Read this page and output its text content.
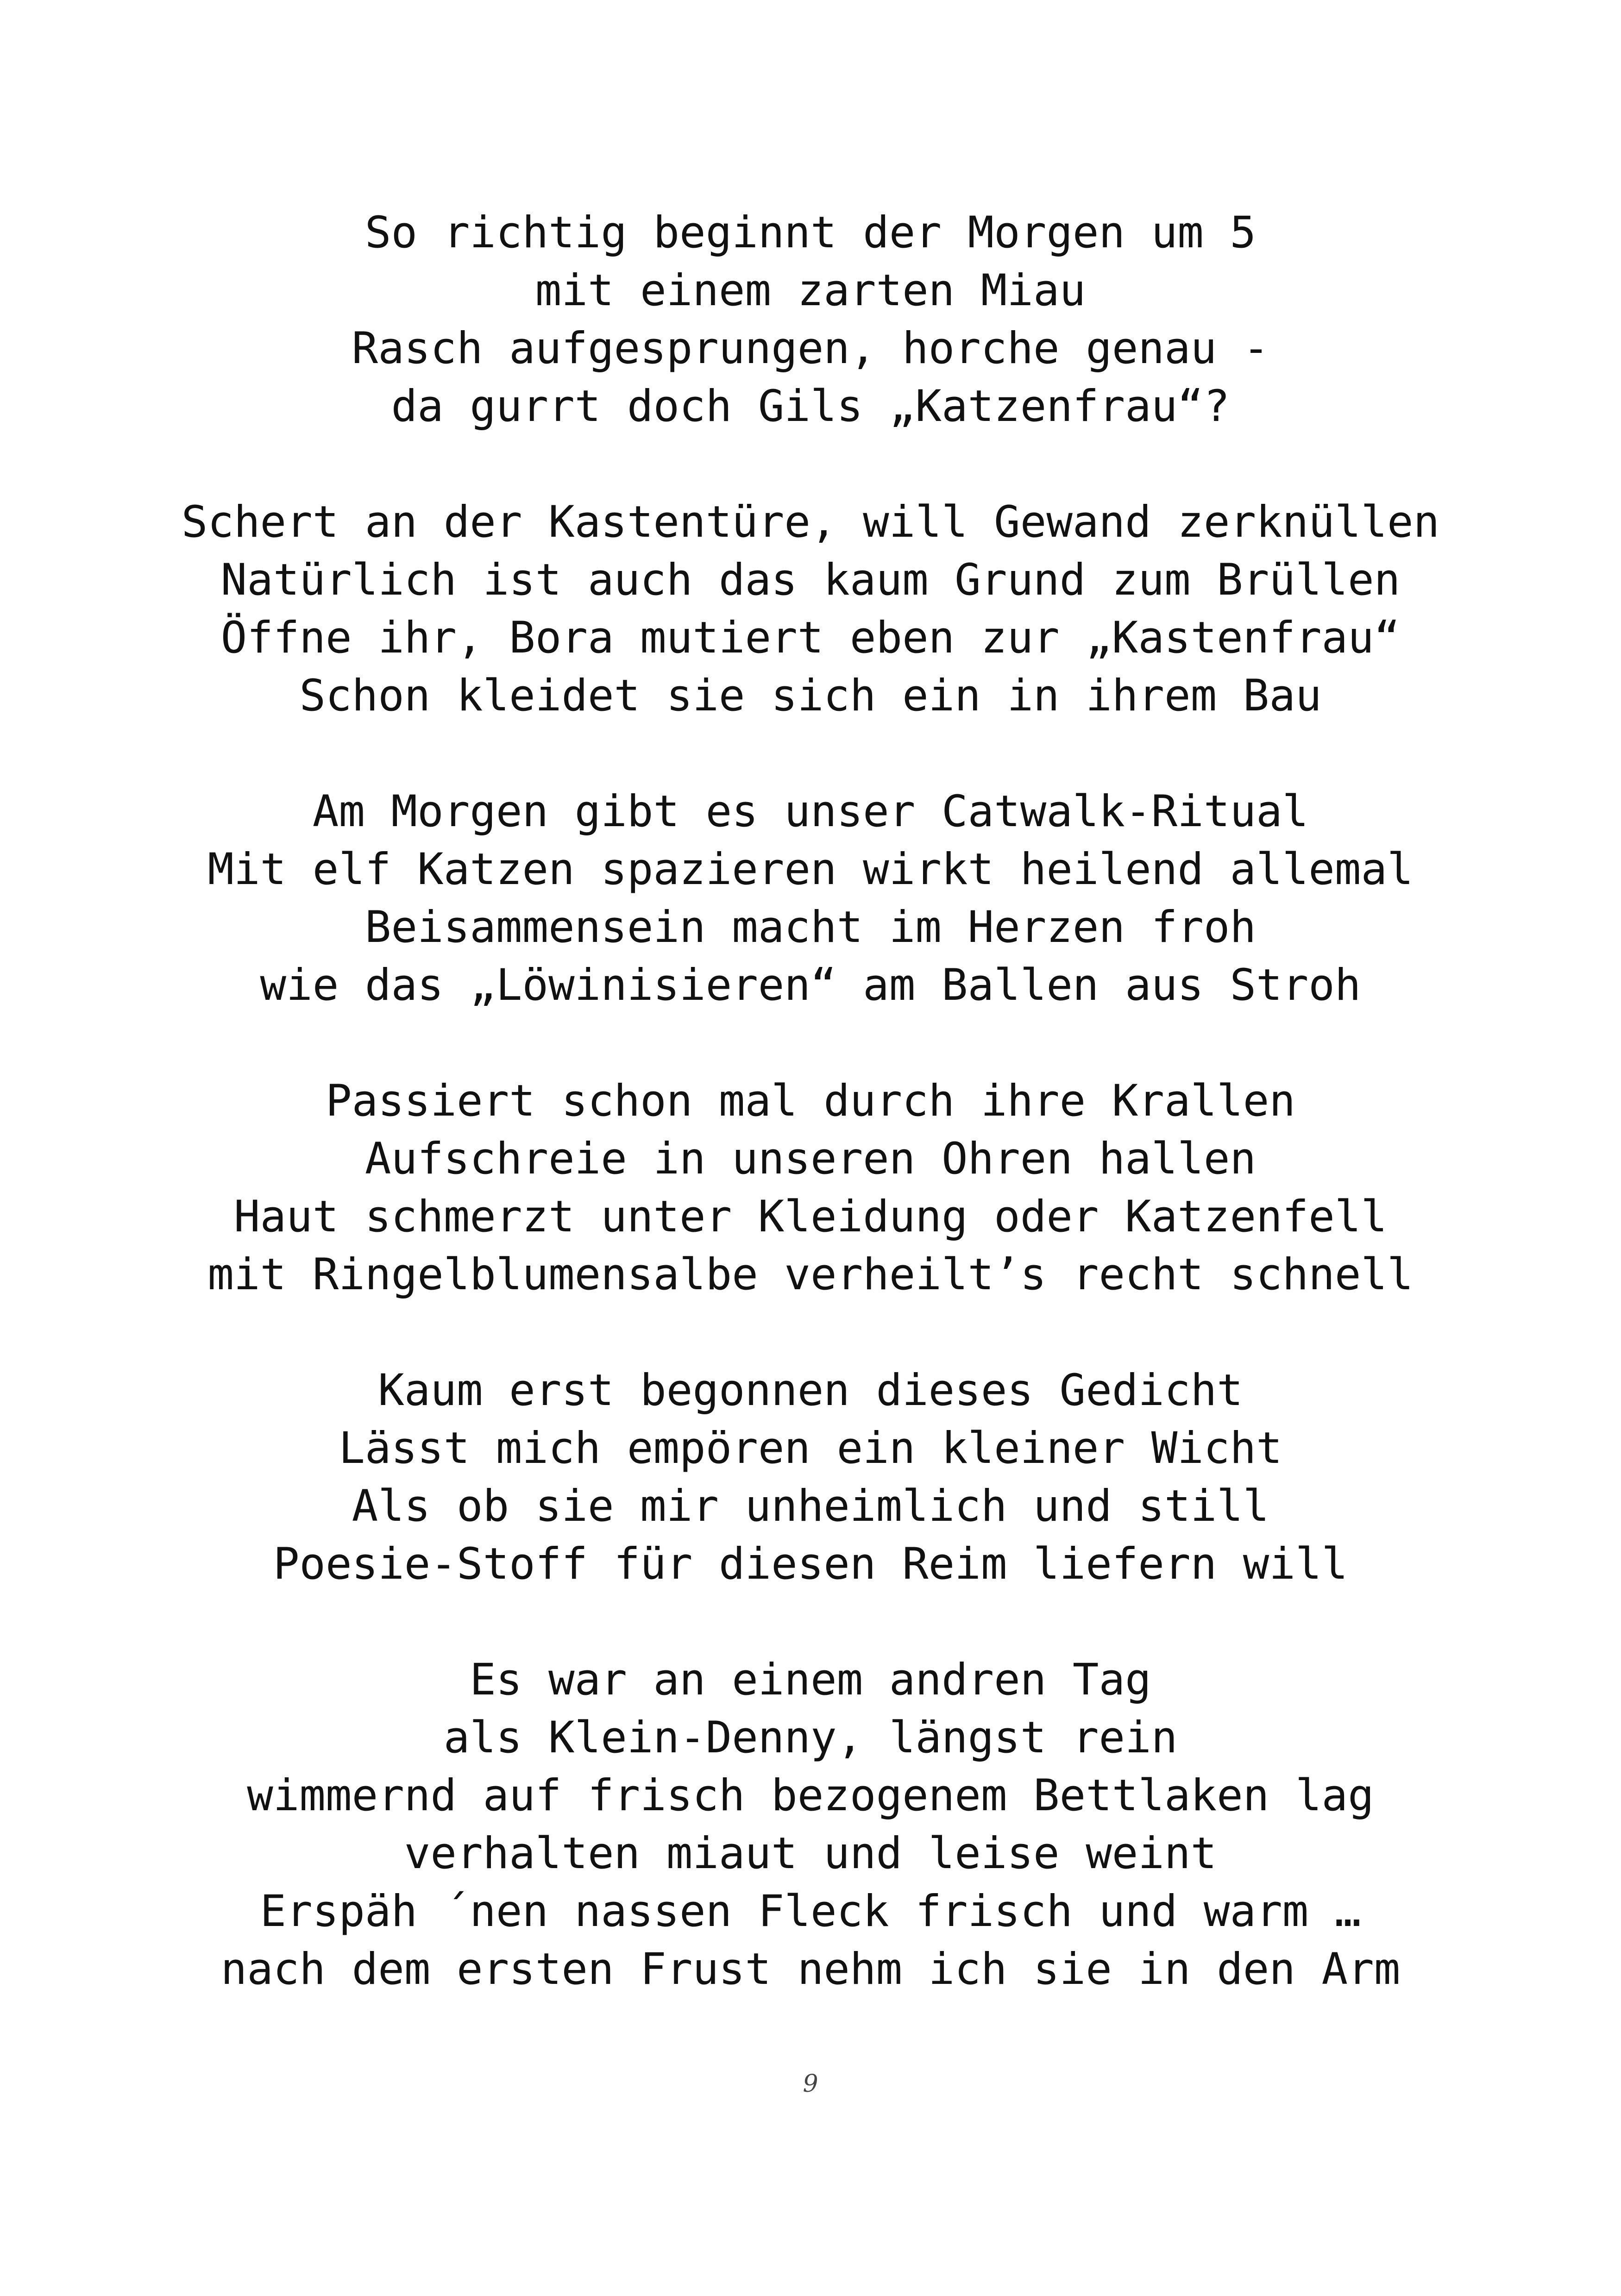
So richtig beginnt der Morgen um 5
mit einem zarten Miau
Rasch aufgesprungen, horche genau -
da gurrt doch Gils „Katzenfrau“?
Schert an der Kastentüre, will Gewand zerknüllen
Natürlich ist auch das kaum Grund zum Brüllen
Öffne ihr, Bora mutiert eben zur „Kastenfrau“
Schon kleidet sie sich ein in ihrem Bau
Am Morgen gibt es unser Catwalk-Ritual
Mit elf Katzen spazieren wirkt heilend allemal
Beisammensein macht im Herzen froh
wie das „Löwinisieren“ am Ballen aus Stroh
Passiert schon mal durch ihre Krallen
Aufschreie in unseren Ohren hallen
Haut schmerzt unter Kleidung oder Katzenfell
mit Ringelblumensalbe verheilt’s recht schnell
Kaum erst begonnen dieses Gedicht
Lässt mich empören ein kleiner Wicht
Als ob sie mir unheimlich und still
Poesie-Stoff für diesen Reim liefern will
Es war an einem andren Tag
als Klein-Denny, längst rein
wimmernd auf frisch bezogenem Bettlaken lag
verhalten miaut und leise weint
Erspäh ´nen nassen Fleck frisch und warm …
nach dem ersten Frust nehm ich sie in den Arm
9
